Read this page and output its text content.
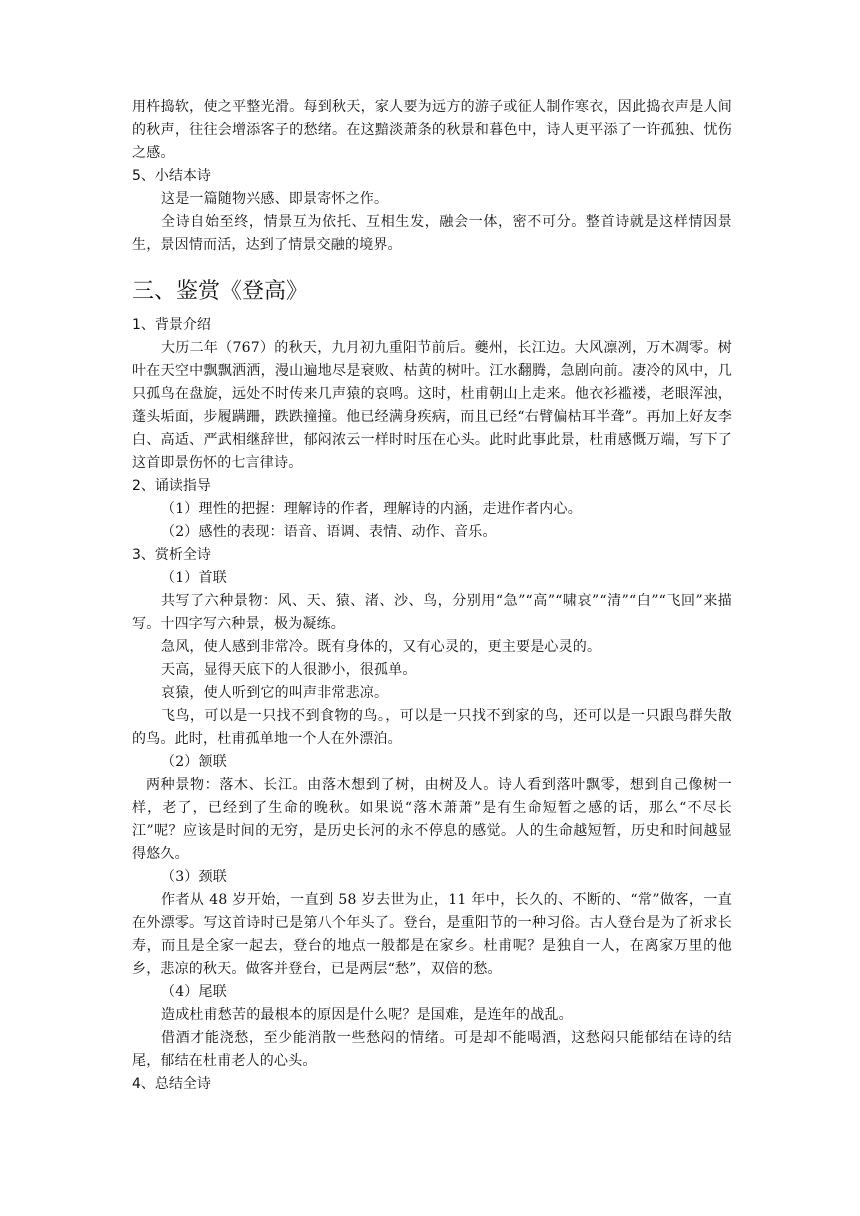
用杵捣软，使之平整光滑。每到秋天，家人要为远方的游子或征人制作寒衣，因此捣衣声是人间的秋声，往往会增添客子的愁绪。在这黯淡萧条的秋景和暮色中，诗人更平添了一许孤独、忧伤之感。

5、小结本诗

这是一篇随物兴感、即景寄怀之作。

全诗自始至终，情景互为依托、互相生发，融会一体，密不可分。整首诗就是这样情因景生，景因情而活，达到了情景交融的境界。

三、鉴赏《登高》

1、背景介绍

大历二年（767）的秋天，九月初九重阳节前后。夔州，长江边。大风凛冽，万木凋零。树叶在天空中飘飘洒洒，漫山遍地尽是衰败、枯黄的树叶。江水翻腾，急剧向前。凄冷的风中，几只孤鸟在盘旋，远处不时传来几声猿的哀鸣。这时，杜甫朝山上走来。他衣衫褴褛，老眼浑浊，蓬头垢面，步履蹒跚，跌跌撞撞。他已经满身疾病，而且已经“右臂偏枯耳半聋”。再加上好友李白、高适、严武相继辞世，郁闷浓云一样时时压在心头。此时此事此景，杜甫感慨万端，写下了这首即景伤怀的七言律诗。

2、诵读指导

（1）理性的把握：理解诗的作者，理解诗的内涵，走进作者内心。

（2）感性的表现：语音、语调、表情、动作、音乐。

3、赏析全诗

（1）首联

共写了六种景物：风、天、猿、渚、沙、鸟，分别用“急”“高”“啸哀”“清”“白”“飞回”来描写。十四字写六种景，极为凝练。

急风，使人感到非常冷。既有身体的，又有心灵的，更主要是心灵的。

天高，显得天底下的人很渺小，很孤单。

哀猿，使人听到它的叫声非常悲凉。

飞鸟，可以是一只找不到食物的鸟。，可以是一只找不到家的鸟，还可以是一只跟鸟群失散的鸟。此时，杜甫孤单地一个人在外漂泊。

（2）颔联

两种景物：落木、长江。由落木想到了树，由树及人。诗人看到落叶飘零，想到自己像树一样，老了，已经到了生命的晚秋。如果说“落木萧萧”是有生命短暂之感的话，那么“不尽长江”呢？应该是时间的无穷，是历史长河的永不停息的感觉。人的生命越短暂，历史和时间越显得悠久。

（3）颈联

作者从 48 岁开始，一直到 58 岁去世为止，11 年中，长久的、不断的、“常”做客，一直在外漂零。写这首诗时已是第八个年头了。登台，是重阳节的一种习俗。古人登台是为了祈求长寿，而且是全家一起去，登台的地点一般都是在家乡。杜甫呢？是独自一人，在离家万里的他乡，悲凉的秋天。做客并登台，已是两层“愁”，双倍的愁。

（4）尾联

造成杜甫愁苦的最根本的原因是什么呢？是国难，是连年的战乱。

借酒才能浇愁，至少能消散一些愁闷的情绪。可是却不能喝酒，这愁闷只能郁结在诗的结尾，郁结在杜甫老人的心头。

4、总结全诗
